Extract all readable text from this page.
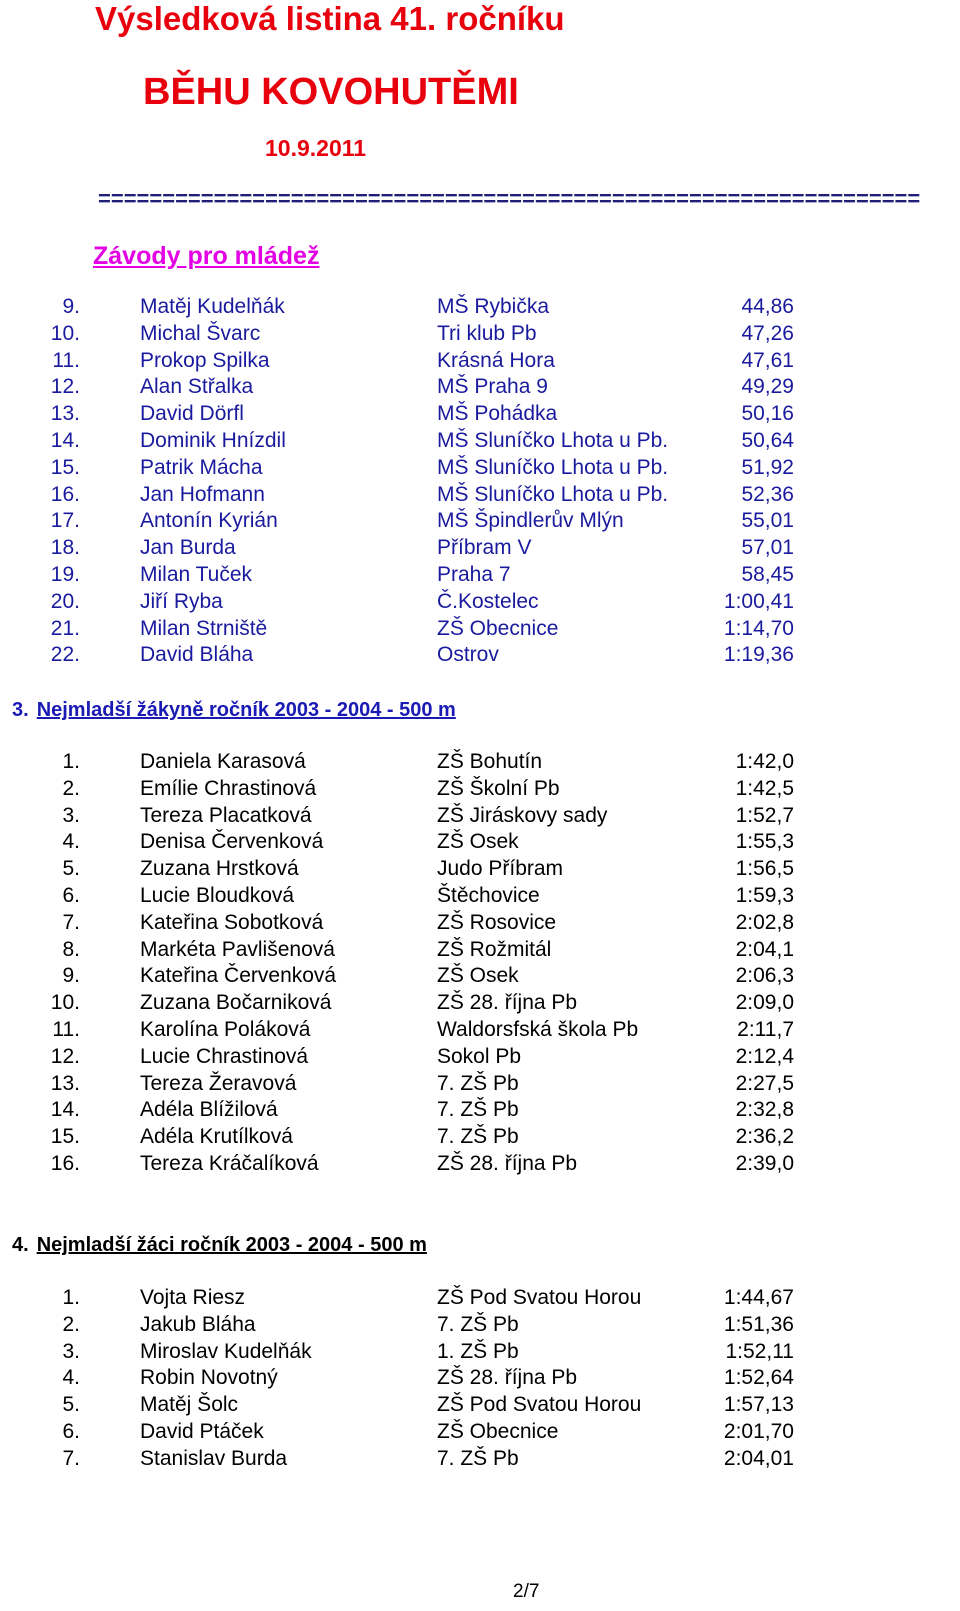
Výsledková listina 41. ročníku
BĚHU KOVOHUTĚMI
10.9.2011
================================================================
Závody pro mládež
9.	Matěj Kudelňák	MŠ Rybička	44,86
10.	Michal Švarc	Tri klub Pb	47,26
11.	Prokop Spilka	Krásná Hora	47,61
12.	Alan Střalka	MŠ Praha 9	49,29
13.	David Dörfl	MŠ Pohádka	50,16
14.	Dominik Hnízdil	MŠ Sluníčko Lhota u Pb.	50,64
15.	Patrik Mácha	MŠ Sluníčko Lhota u Pb.	51,92
16.	Jan Hofmann	MŠ Sluníčko Lhota u Pb.	52,36
17.	Antonín Kyrián	MŠ Špindlerův Mlýn	55,01
18.	Jan Burda	Příbram V	57,01
19.	Milan Tuček	Praha 7	58,45
20.	Jiří Ryba	Č.Kostelec	1:00,41
21.	Milan Strniště	ZŠ Obecnice	1:14,70
22.	David Bláha	Ostrov	1:19,36
3. Nejmladší žákyně ročník 2003 - 2004 - 500 m
1.	Daniela Karasová	ZŠ Bohutín	1:42,0
2.	Emílie Chrastinová	ZŠ Školní Pb	1:42,5
3.	Tereza Placatková	ZŠ Jiráskovy sady	1:52,7
4.	Denisa Červenková	ZŠ Osek	1:55,3
5.	Zuzana Hrstková	Judo Příbram	1:56,5
6.	Lucie Bloudková	Štěchovice	1:59,3
7.	Kateřina Sobotková	ZŠ Rosovice	2:02,8
8.	Markéta Pavlišenová	ZŠ Rožmitál	2:04,1
9.	Kateřina Červenková	ZŠ Osek	2:06,3
10.	Zuzana Bočarniková	ZŠ 28. října Pb	2:09,0
11.	Karolína Poláková	Waldorsfská škola Pb	2:11,7
12.	Lucie Chrastinová	Sokol Pb	2:12,4
13.	Tereza Žeravová	7. ZŠ Pb	2:27,5
14.	Adéla Blížilová	7. ZŠ Pb	2:32,8
15.	Adéla Krutílková	7. ZŠ Pb	2:36,2
16.	Tereza Kráčalíková	ZŠ 28. října Pb	2:39,0
4. Nejmladší žáci ročník 2003 - 2004 - 500 m
1.	Vojta Riesz	ZŠ Pod Svatou Horou	1:44,67
2.	Jakub Bláha	7. ZŠ Pb	1:51,36
3.	Miroslav Kudelňák	1. ZŠ Pb	1:52,11
4.	Robin Novotný	ZŠ 28. října Pb	1:52,64
5.	Matěj Šolc	ZŠ Pod Svatou Horou	1:57,13
6.	David Ptáček	ZŠ Obecnice	2:01,70
7.	Stanislav Burda	7. ZŠ Pb	2:04,01
2/7
